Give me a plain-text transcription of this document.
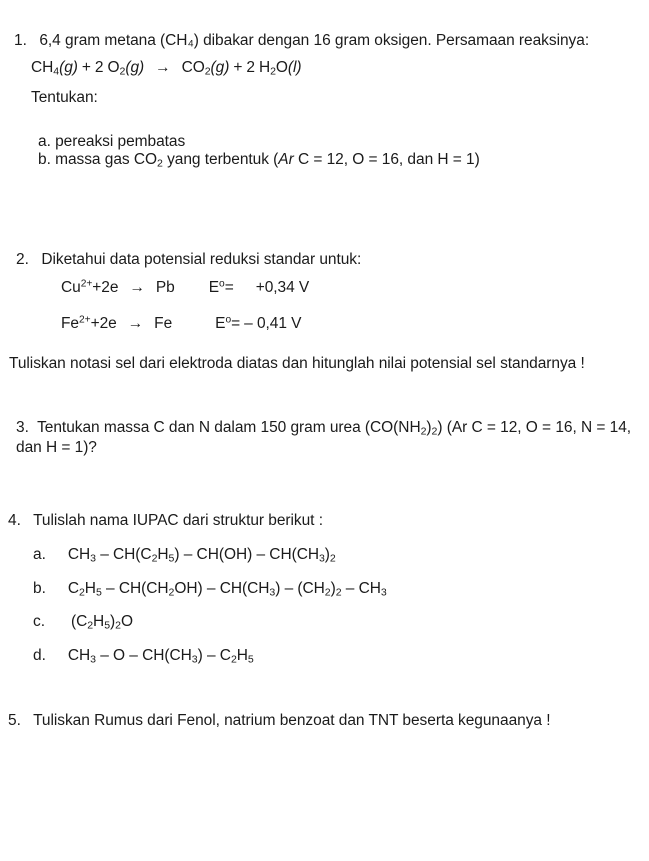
1. 6,4 gram metana (CH₄) dibakar dengan 16 gram oksigen. Persamaan reaksinya:
$CH_4(g) + 2$ $O_2(g) \to CO_2(g) + 2$ $H_2O(l)$
Tentukan:
a. pereaksi pembatas
b. massa gas $CO_2$ yang terbentuk (Ar C = 12, O = 16, dan H = 1)
2. Diketahui data potensial reduksi standar untuk:
$Cu^{2+}+2e \to Pb$ $E^o= +0,34$ V
$Fe^{2+}+2e \to Fe$	$E^o= - 0,41$ V
Tuliskan notasi sel dari elektroda diatas dan hitunglah nilai potensial sel standarnya !
3. Tentukan massa C dan N dalam 150 gram urea $(CO(NH_2)_2)$ (Ar C = 12, O = 16, N = 14, dan H = 1)?
4. Tulislah nama IUPAC dari struktur berikut :
a. $CH_3 - CH(C_2H_5) - CH(OH) - CH(CH_3)_2$
b. $C_2H_5 - CH(CH_2OH) - CH(CH_3) - (CH_2)_2 - CH_3$
c. $(C_2H_5)_2O$
d. $CH_3$ – O – $CH(CH_3) - C_2H_5$
5. Tuliskan Rumus dari Fenol, natrium benzoat dan TNT beserta kegunaanya !
